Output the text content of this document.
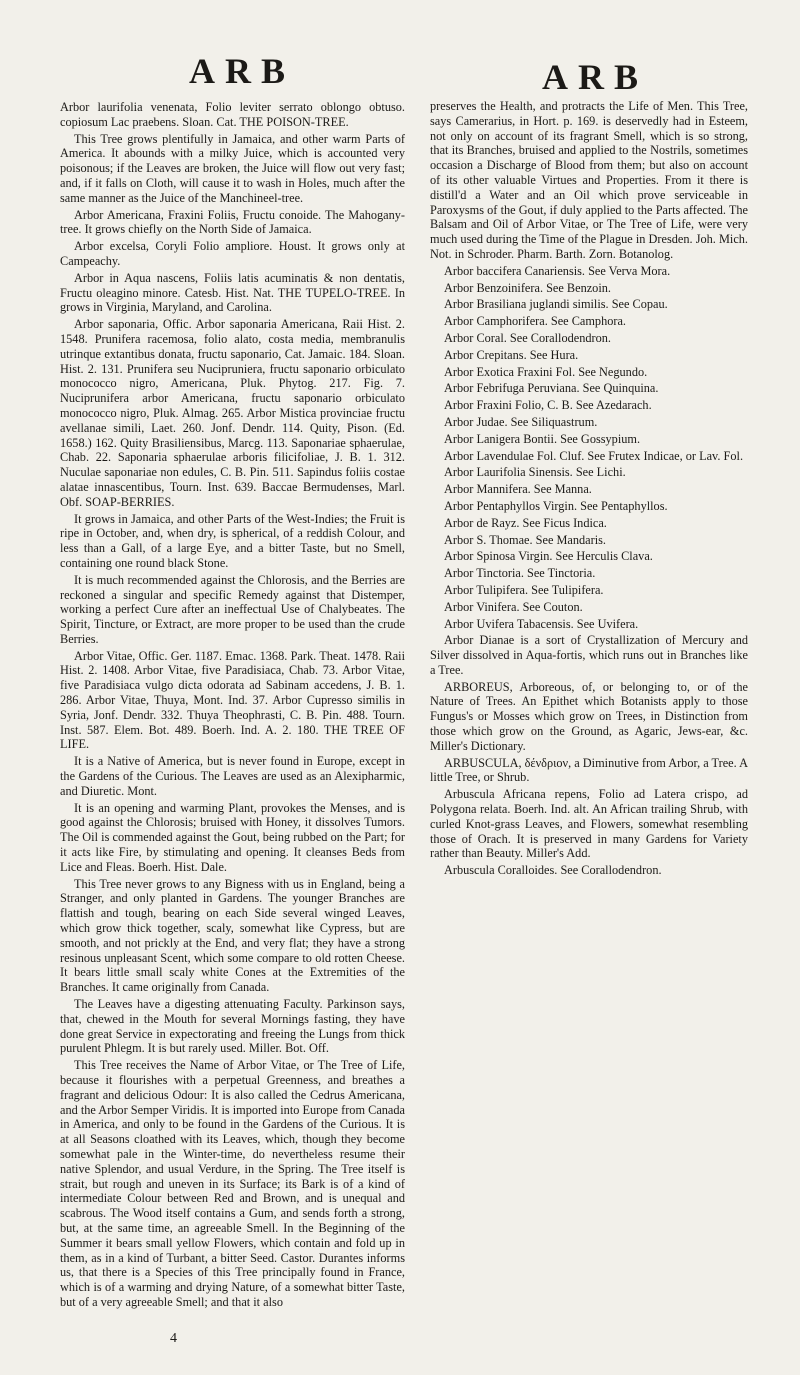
ARB	ARB

Arbor laurifolia venenata, Folio leviter serrato oblongo obtuso. copiosum Lac praebens. Sloan. Cat. THE POISON-TREE.

This Tree grows plentifully in Jamaica, and other warm Parts of America. It abounds with a milky Juice, which is accounted very poisonous; if the Leaves are broken, the Juice will flow out very fast; and, if it falls on Cloth, will cause it to wash in Holes, much after the same manner as the Juice of the Manchineel-tree.

Arbor Americana, Fraxini Foliis, Fructu conoide. The Mahogany-tree. It grows chiefly on the North Side of Jamaica.

Arbor excelsa, Coryli Folio ampliore. Houst. It grows only at Campeachy.

Arbor in Aqua nascens, Foliis latis acuminatis & non dentatis, Fructu oleagino minore. Catesb. Hist. Nat. THE TUPELO-TREE. In grows in Virginia, Maryland, and Carolina.

Arbor saponaria, Offic. Arbor saponaria Americana, Raii Hist. 2. 1548. Prunifera racemosa, folio alato, costa media, membranulis utrinque extantibus donata, fructu saponario, Cat. Jamaic. 184. Sloan. Hist. 2. 131. Prunifera seu Nucipruniera, fructu saponario orbiculato monococco nigro, Americana, Pluk. Phytog. 217. Fig. 7. Nuciprunifera arbor Americana, fructu saponario orbiculato monococco nigro, Pluk. Almag. 265. Arbor Mistica provinciae fructu avellanae simili, Laet. 260. Jonf. Dendr. 114. Quity, Pison. (Ed. 1658.) 162. Quity Brasiliensibus, Marcg. 113. Saponariae sphaerulae, Chab. 22. Saponaria sphaerulae arboris filicifoliae, J. B. 1. 312. Nuculae saponariae non edules, C. B. Pin. 511. Sapindus foliis costae alatae innascentibus, Tourn. Inst. 639. Baccae Bermudenses, Marl. Obf. SOAP-BERRIES.

It grows in Jamaica, and other Parts of the West-Indies; the Fruit is ripe in October, and, when dry, is spherical, of a reddish Colour, and less than a Gall, of a large Eye, and a bitter Taste, but no Smell, containing one round black Stone.

It is much recommended against the Chlorosis, and the Berries are reckoned a singular and specific Remedy against that Distemper, working a perfect Cure after an ineffectual Use of Chalybeates. The Spirit, Tincture, or Extract, are more proper to be used than the crude Berries.

Arbor Vitae, Offic. Ger. 1187. Emac. 1368. Park. Theat. 1478. Raii Hist. 2. 1408. Arbor Vitae, five Paradisiaca, Chab. 73. Arbor Vitae, five Paradisiaca vulgo dicta odorata ad Sabinam accedens, J. B. 1. 286. Arbor Vitae, Thuya, Mont. Ind. 37. Arbor Cupresso similis in Syria, Jonf. Dendr. 332. Thuya Theophrasti, C. B. Pin. 488. Tourn. Inst. 587. Elem. Bot. 489. Boerh. Ind. A. 2. 180. THE TREE OF LIFE.

It is a Native of America, but is never found in Europe, except in the Gardens of the Curious. The Leaves are used as an Alexipharmic, and Diuretic. Mont.

It is an opening and warming Plant, provokes the Menses, and is good against the Chlorosis; bruised with Honey, it dissolves Tumors. The Oil is commended against the Gout, being rubbed on the Part; for it acts like Fire, by stimulating and opening. It cleanses Beds from Lice and Fleas. Boerh. Hist. Dale.

This Tree never grows to any Bigness with us in England, being a Stranger, and only planted in Gardens. The younger Branches are flattish and tough, bearing on each Side several winged Leaves, which grow thick together, scaly, somewhat like Cypress, but are smooth, and not prickly at the End, and very flat; they have a strong resinous unpleasant Scent, which some compare to old rotten Cheese. It bears little small scaly white Cones at the Extremities of the Branches. It came originally from Canada.

The Leaves have a digesting attenuating Faculty. Parkinson says, that, chewed in the Mouth for several Mornings fasting, they have done great Service in expectorating and freeing the Lungs from thick purulent Phlegm. It is but rarely used. Miller. Bot. Off.

This Tree receives the Name of Arbor Vitae, or The Tree of Life, because it flourishes with a perpetual Greenness, and breathes a fragrant and delicious Odour: It is also called the Cedrus Americana, and the Arbor Semper Viridis. It is imported into Europe from Canada in America, and only to be found in the Gardens of the Curious. It is at all Seasons cloathed with its Leaves, which, though they become somewhat pale in the Winter-time, do nevertheless resume their native Splendor, and usual Verdure, in the Spring. The Tree itself is strait, but rough and uneven in its Surface; its Bark is of a kind of intermediate Colour between Red and Brown, and is unequal and scabrous. The Wood itself contains a Gum, and sends forth a strong, but, at the same time, an agreeable Smell. In the Beginning of the Summer it bears small yellow Flowers, which contain and fold up in them, as in a kind of Turbant, a bitter Seed. Castor. Durantes informs us, that there is a Species of this Tree principally found in France, which is of a warming and drying Nature, of a somewhat bitter Taste, but of a very agreeable Smell; and that it also

preserves the Health, and protracts the Life of Men. This Tree, says Camerarius, in Hort. p. 169. is deservedly had in Esteem, not only on account of its fragrant Smell, which is so strong, that its Branches, bruised and applied to the Nostrils, sometimes occasion a Discharge of Blood from them; but also on account of its other valuable Virtues and Properties. From it there is distill'd a Water and an Oil which prove serviceable in Paroxysms of the Gout, if duly applied to the Parts affected. The Balsam and Oil of Arbor Vitae, or The Tree of Life, were very much used during the Time of the Plague in Dresden. Joh. Mich. Not. in Schroder. Pharm. Barth. Zorn. Botanolog.

Arbor baccifera Canariensis. See Verva Mora.

Arbor Benzoinifera. See Benzoin.

Arbor Brasiliana juglandi similis. See Copau.

Arbor Camphorifera. See Camphora.

Arbor Coral. See Corallodendron.

Arbor Crepitans. See Hura.

Arbor Exotica Fraxini Fol. See Negundo.

Arbor Febrifuga Peruviana. See Quinquina.

Arbor Fraxini Folio, C. B. See Azedarach.

Arbor Judae. See Siliquastrum.

Arbor Lanigera Bontii. See Gossypium.

Arbor Lavendulae Fol. Cluf. See Frutex Indicae, or Lav. Fol.

Arbor Laurifolia Sinensis. See Lichi.

Arbor Mannifera. See Manna.

Arbor Pentaphyllos Virgin. See Pentaphyllos.

Arbor de Rayz. See Ficus Indica.

Arbor S. Thomae. See Mandaris.

Arbor Spinosa Virgin. See Herculis Clava.

Arbor Tinctoria. See Tinctoria.

Arbor Tulipifera. See Tulipifera.

Arbor Vinifera. See Couton.

Arbor Uvifera Tabacensis. See Uvifera.

Arbor Dianae is a sort of Crystallization of Mercury and Silver dissolved in Aqua-fortis, which runs out in Branches like a Tree.

ARBOREUS, Arboreous, of, or belonging to, or of the Nature of Trees. An Epithet which Botanists apply to those Fungus's or Mosses which grow on Trees, in Distinction from those which grow on the Ground, as Agaric, Jews-ear, &c. Miller's Dictionary.

ARBUSCULA, δένδριον, a Diminutive from Arbor, a Tree. A little Tree, or Shrub.

Arbuscula Africana repens, Folio ad Latera crispo, ad Polygona relata. Boerh. Ind. alt. An African trailing Shrub, with curled Knot-grass Leaves, and Flowers, somewhat resembling those of Orach. It is preserved in many Gardens for Variety rather than Beauty. Miller's Add.

Arbuscula Coralloides. See Corallodendron.

4
